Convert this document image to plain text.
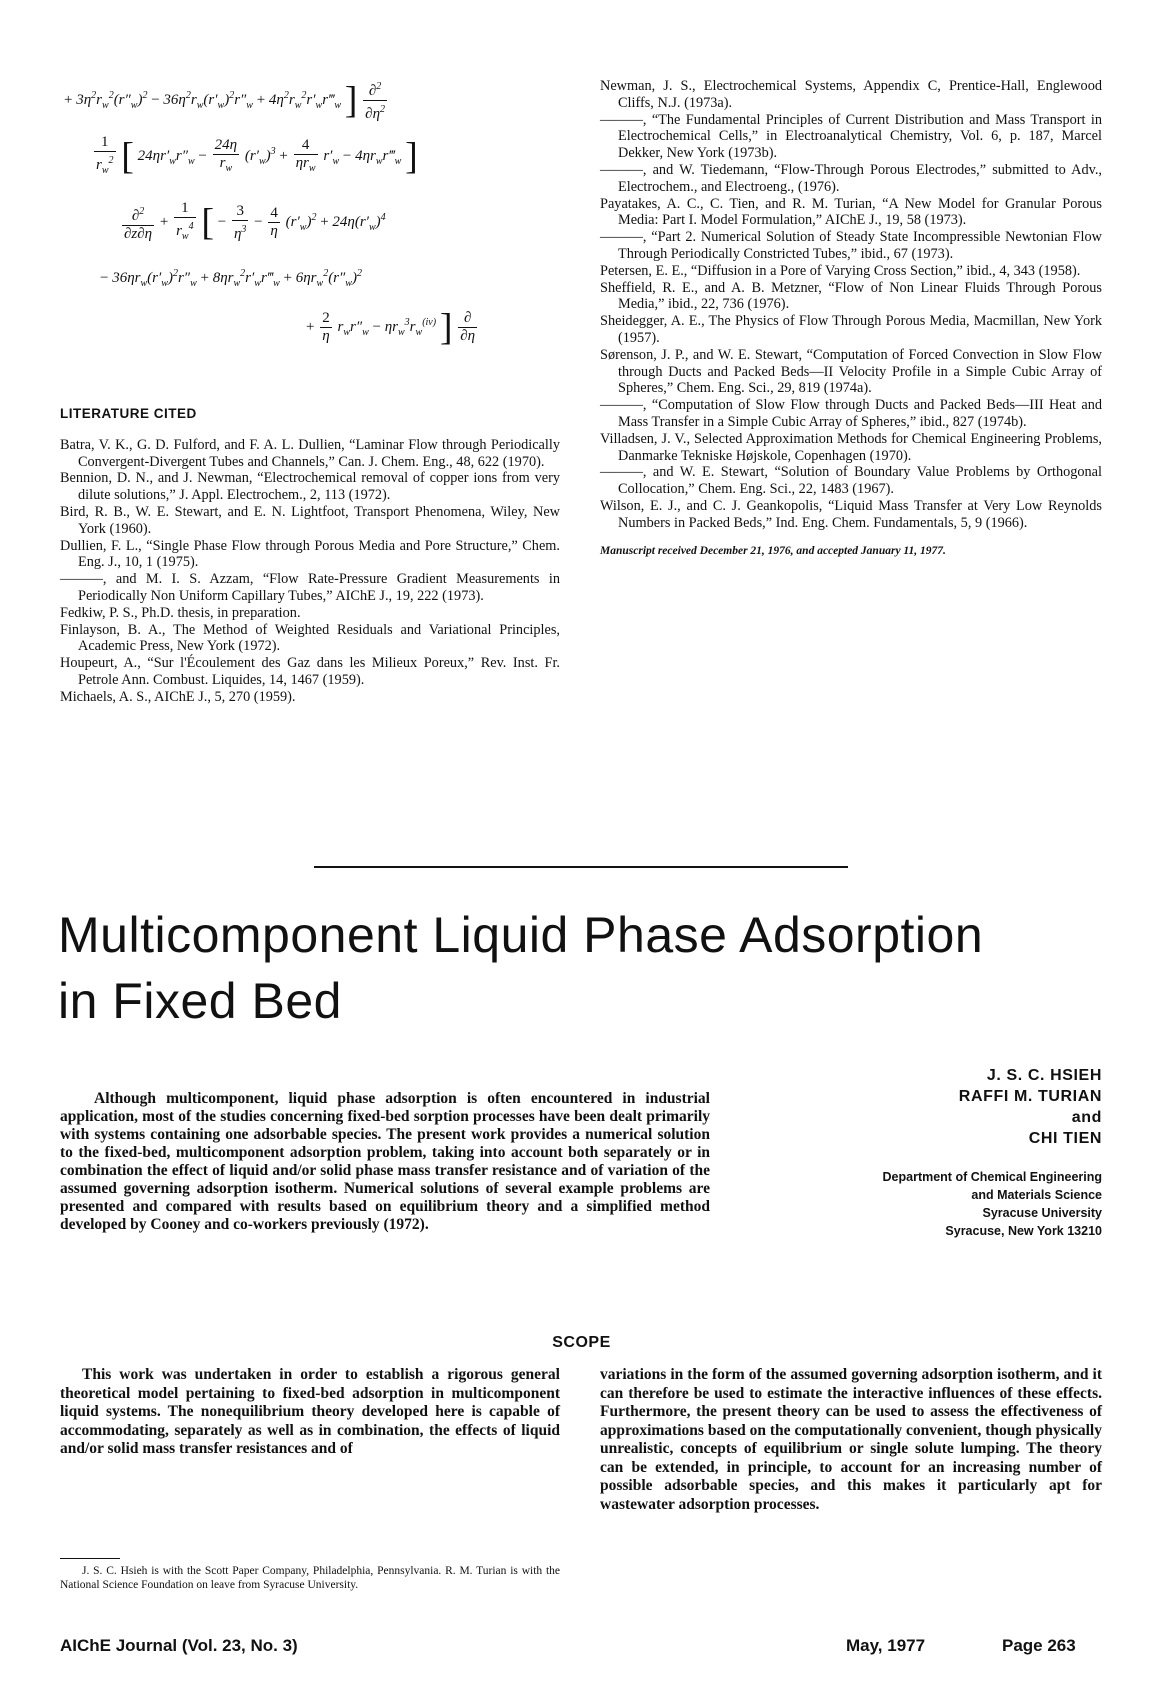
+ $3\eta^2r_w^2(r''_w)^2 - 36\eta^2r_w(r'_w)^2r''_w$ + $4\eta^2r_w^2r'_wr‴_w$ ] $\frac{\partial^2}{\partial\eta^2}$
$\frac{1}{r_w^2}$ [ $24\eta r'_wr''_w - \frac{24\eta}{r_w} (r'_w)^3 + \frac{4}{\eta r_w} r'_w$ − $4\eta r_wr‴_w$ ]
$\frac{\partial^2}{\partial z\partial\eta} + \frac{1}{r_w^4}$ [ − $\frac{3}{\eta^3} - \frac{4}{\eta} (r'_w)^2 + 24\eta(r'_w)^4$
− $36\eta r_w(r'_w)^2r''_w$ + $8\eta r_w^2r'_wr‴_w + 6\eta r_w^2(r''_w)^2$
+ $\frac{2}{\eta} r_wr''_w - \eta r_w^3r_w^{(iv)}$ ] $\frac{\partial}{\partial\eta}$
LITERATURE CITED

Batra, V. K., G. D. Fulford, and F. A. L. Dullien, “Laminar Flow through Periodically Convergent-Divergent Tubes and Channels,” Can. J. Chem. Eng., 48, 622 (1970).

Bennion, D. N., and J. Newman, “Electrochemical removal of copper ions from very dilute solutions,” J. Appl. Electrochem., 2, 113 (1972).

Bird, R. B., W. E. Stewart, and E. N. Lightfoot, Transport Phenomena, Wiley, New York (1960).

Dullien, F. L., “Single Phase Flow through Porous Media and Pore Structure,” Chem. Eng. J., 10, 1 (1975).

———, and M. I. S. Azzam, “Flow Rate-Pressure Gradient Measurements in Periodically Non Uniform Capillary Tubes,” AIChE J., 19, 222 (1973).

Fedkiw, P. S., Ph.D. thesis, in preparation.

Finlayson, B. A., The Method of Weighted Residuals and Variational Principles, Academic Press, New York (1972).

Houpeurt, A., “Sur l'Écoulement des Gaz dans les Milieux Poreux,” Rev. Inst. Fr. Petrole Ann. Combust. Liquides, 14, 1467 (1959).

Michaels, A. S., AIChE J., 5, 270 (1959).

Newman, J. S., Electrochemical Systems, Appendix C, Prentice-Hall, Englewood Cliffs, N.J. (1973a).

———, “The Fundamental Principles of Current Distribution and Mass Transport in Electrochemical Cells,” in Electroanalytical Chemistry, Vol. 6, p. 187, Marcel Dekker, New York (1973b).

———, and W. Tiedemann, “Flow-Through Porous Electrodes,” submitted to Adv., Electrochem., and Electroeng., (1976).

Payatakes, A. C., C. Tien, and R. M. Turian, “A New Model for Granular Porous Media: Part I. Model Formulation,” AIChE J., 19, 58 (1973).

———, “Part 2. Numerical Solution of Steady State Incompressible Newtonian Flow Through Periodically Constricted Tubes,” ibid., 67 (1973).

Petersen, E. E., “Diffusion in a Pore of Varying Cross Section,” ibid., 4, 343 (1958).

Sheffield, R. E., and A. B. Metzner, “Flow of Non Linear Fluids Through Porous Media,” ibid., 22, 736 (1976).

Sheidegger, A. E., The Physics of Flow Through Porous Media, Macmillan, New York (1957).

Sørenson, J. P., and W. E. Stewart, “Computation of Forced Convection in Slow Flow through Ducts and Packed Beds—II Velocity Profile in a Simple Cubic Array of Spheres,” Chem. Eng. Sci., 29, 819 (1974a).

———, “Computation of Slow Flow through Ducts and Packed Beds—III Heat and Mass Transfer in a Simple Cubic Array of Spheres,” ibid., 827 (1974b).

Villadsen, J. V., Selected Approximation Methods for Chemical Engineering Problems, Danmarke Tekniske Højskole, Copenhagen (1970).

———, and W. E. Stewart, “Solution of Boundary Value Problems by Orthogonal Collocation,” Chem. Eng. Sci., 22, 1483 (1967).

Wilson, E. J., and C. J. Geankopolis, “Liquid Mass Transfer at Very Low Reynolds Numbers in Packed Beds,” Ind. Eng. Chem. Fundamentals, 5, 9 (1966).

Manuscript received December 21, 1976, and accepted January 11, 1977.
Multicomponent Liquid Phase Adsorption
in Fixed Bed
J. S. C. HSIEH
RAFFI M. TURIAN
and
CHI TIEN
Department of Chemical Engineering
and Materials Science
Syracuse University
Syracuse, New York 13210
Although multicomponent, liquid phase adsorption is often encountered in industrial application, most of the studies concerning fixed-bed sorption processes have been dealt primarily with systems containing one adsorbable species. The present work provides a numerical solution to the fixed-bed, multicomponent adsorption problem, taking into account both separately or in combination the effect of liquid and/or solid phase mass transfer resistance and of variation of the assumed governing adsorption isotherm. Numerical solutions of several example problems are presented and compared with results based on equilibrium theory and a simplified method developed by Cooney and co-workers previously (1972).
SCOPE
This work was undertaken in order to establish a rigorous general theoretical model pertaining to fixed-bed adsorption in multicomponent liquid systems. The nonequilibrium theory developed here is capable of accommodating, separately as well as in combination, the effects of liquid and/or solid mass transfer resistances and of
variations in the form of the assumed governing adsorption isotherm, and it can therefore be used to estimate the interactive influences of these effects. Furthermore, the present theory can be used to assess the effectiveness of approximations based on the computationally convenient, though physically unrealistic, concepts of equilibrium or single solute lumping. The theory can be extended, in principle, to account for an increasing number of possible adsorbable species, and this makes it particularly apt for wastewater adsorption processes.
J. S. C. Hsieh is with the Scott Paper Company, Philadelphia, Pennsylvania. R. M. Turian is with the National Science Foundation on leave from Syracuse University.
AIChE Journal (Vol. 23, No. 3)	May, 1977	Page 263
